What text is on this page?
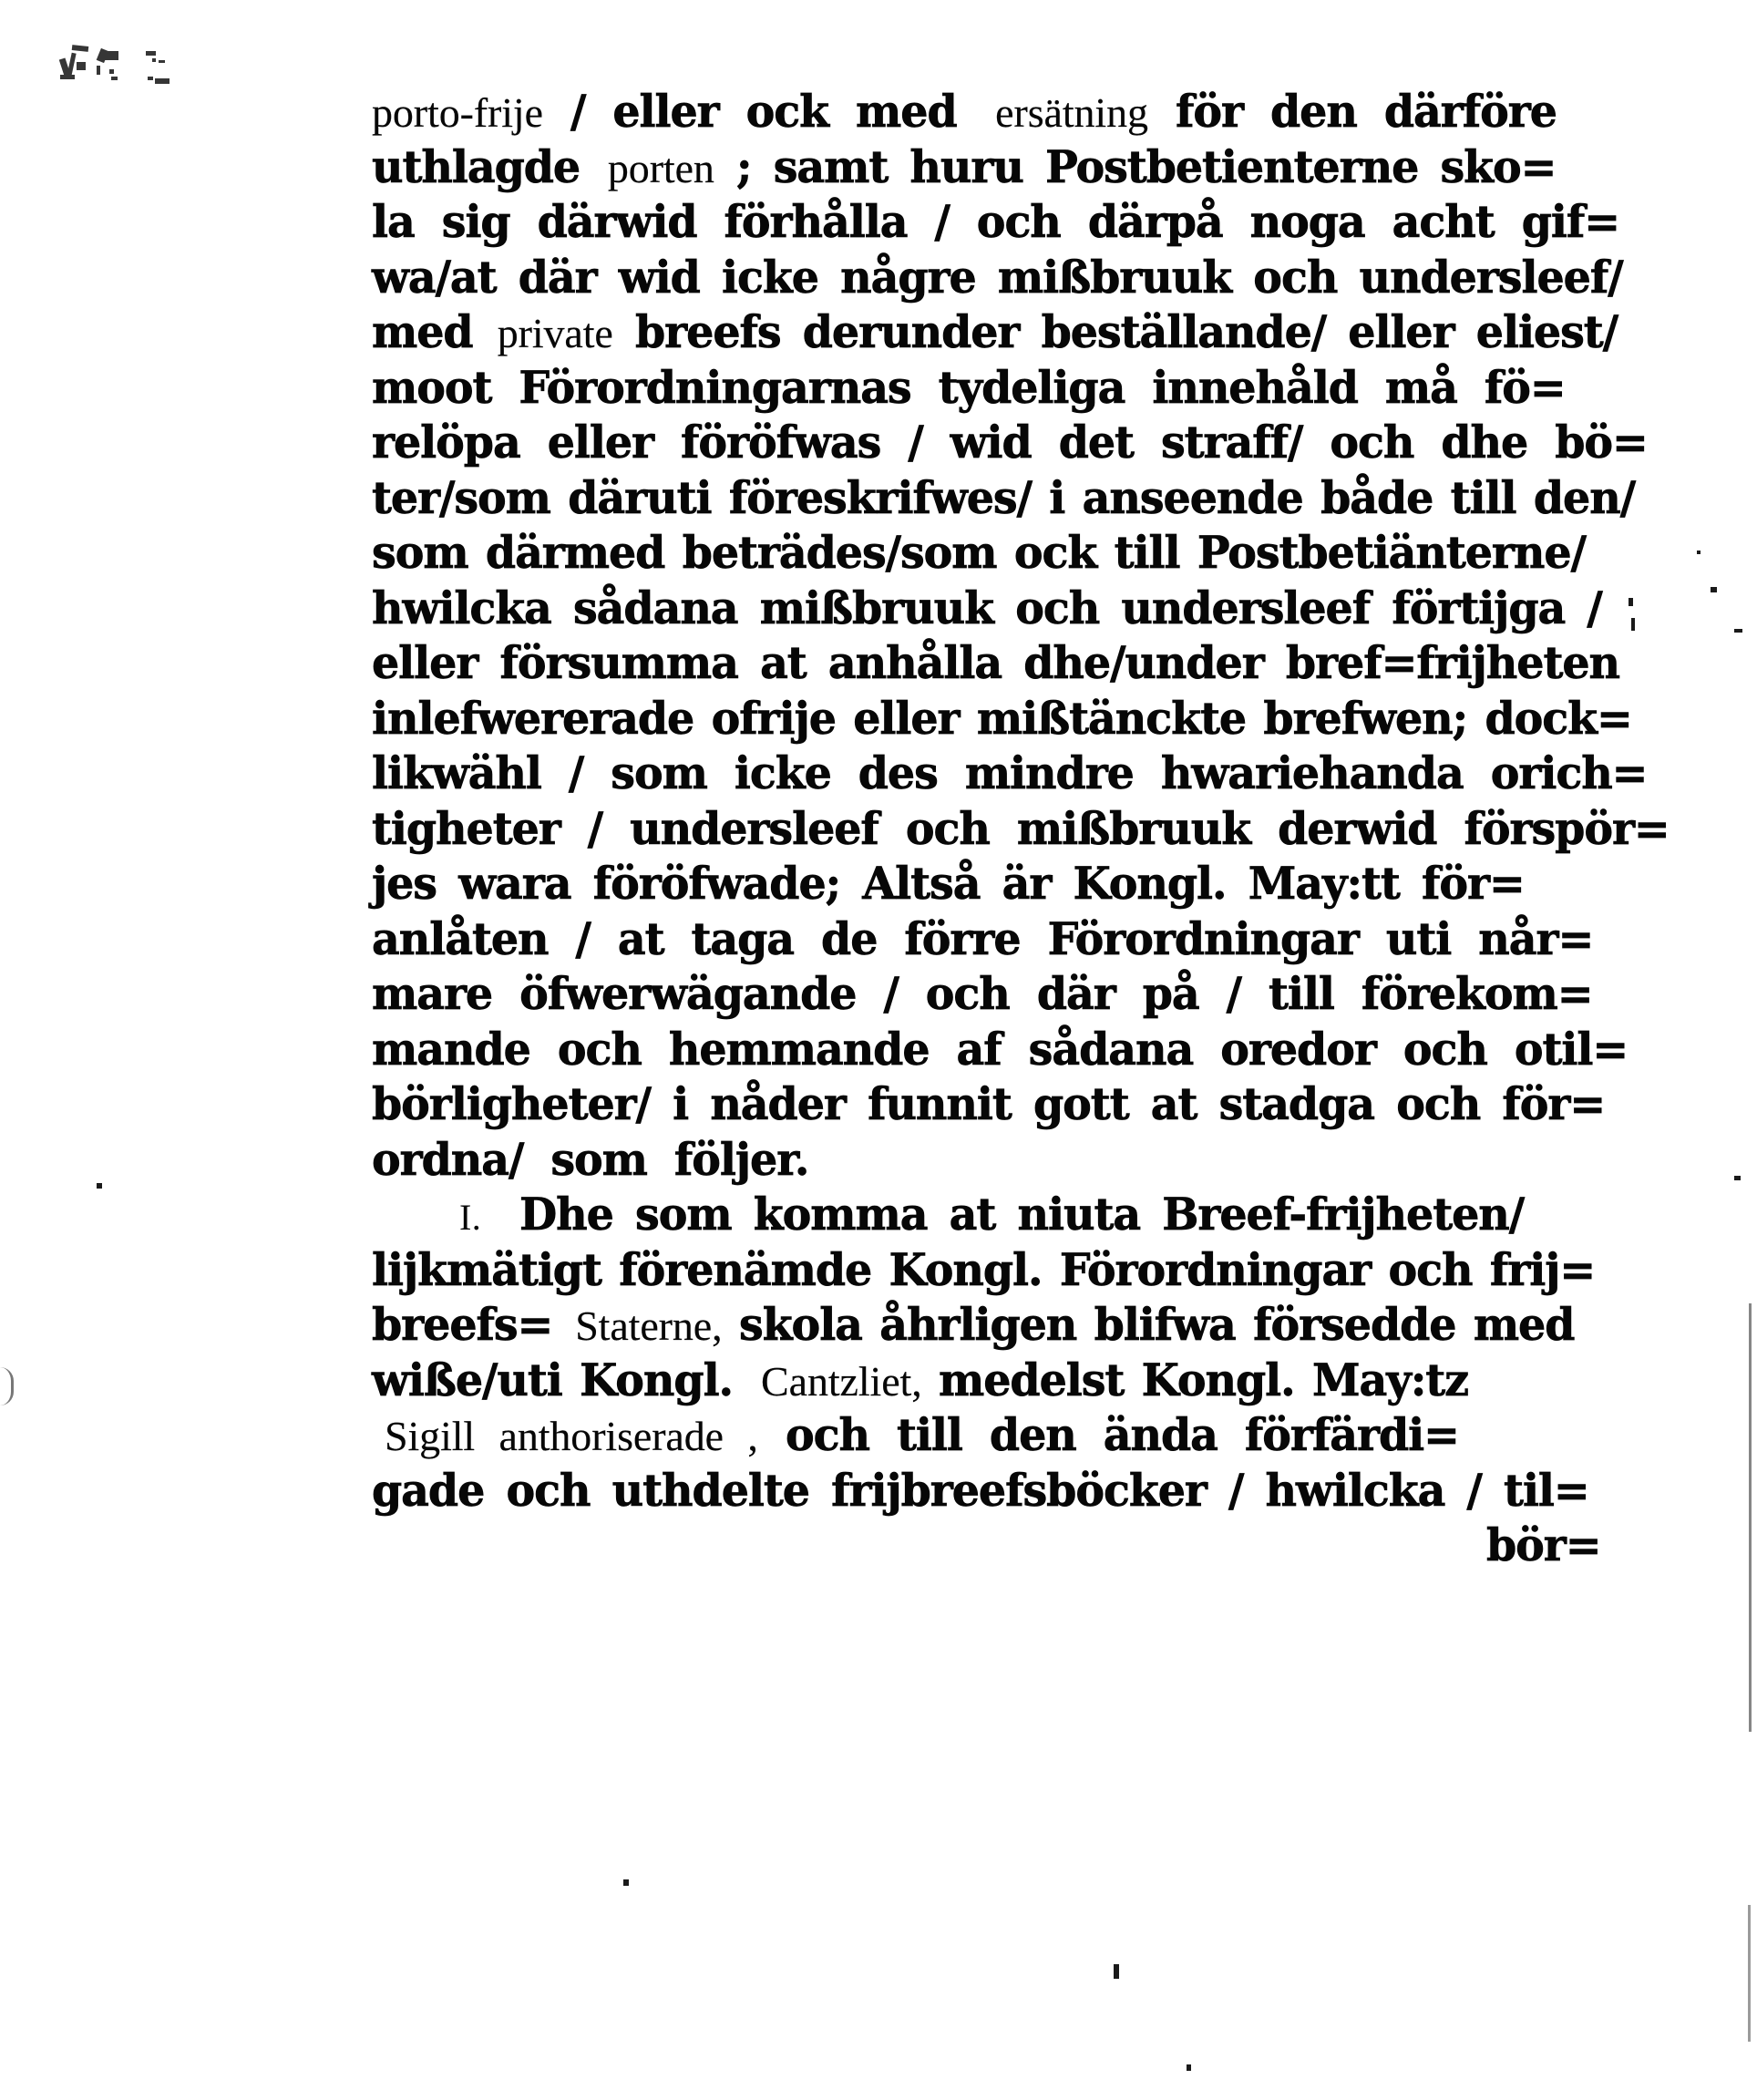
porto-frije / eller ock med ersätning för den därföre
uthlagde porten ; samt huru Postbetienterne sko=
la sig därwid förhålla / och därpå noga acht gif=
wa/at där wid icke någre mißbruuk och undersleef/
med private breefs derunder beställande/ eller eliest/
moot Förordningarnas tydeliga innehåld må fö=
relöpa eller föröfwas / wid det straff/ och dhe bö=
ter/som däruti föreskrifwes/ i anseende både till den/
som därmed beträdes/som ock till Postbetiänterne/
hwilcka sådana mißbruuk och undersleef förtijga /
eller försumma at anhålla dhe/under bref=frijheten
inlefwererade ofrije eller mißtänckte brefwen; dock=
likwähl / som icke des mindre hwariehanda orich=
tigheter / undersleef och mißbruuk derwid förspör=
jes wara föröfwade; Altså är Kongl. May:tt för=
anlåten / at taga de förre Förordningar uti når=
mare öfwerwägande / och där på / till förekom=
mande och hemmande af sådana oredor och otil=
börligheter/ i nåder funnit gott at stadga och för=
ordna/ som följer.
I. Dhe som komma at niuta Breef-frijheten/
lijkmätigt förenämde Kongl. Förordningar och frij=
breefs= Staterne, skola åhrligen blifwa försedde med
wiße/uti Kongl. Cantzliet, medelst Kongl. May:tz
Sigill anthoriserade , och till den ända förfärdi=
gade och uthdelte frijbreefsböcker / hwilcka / til=
bör=
